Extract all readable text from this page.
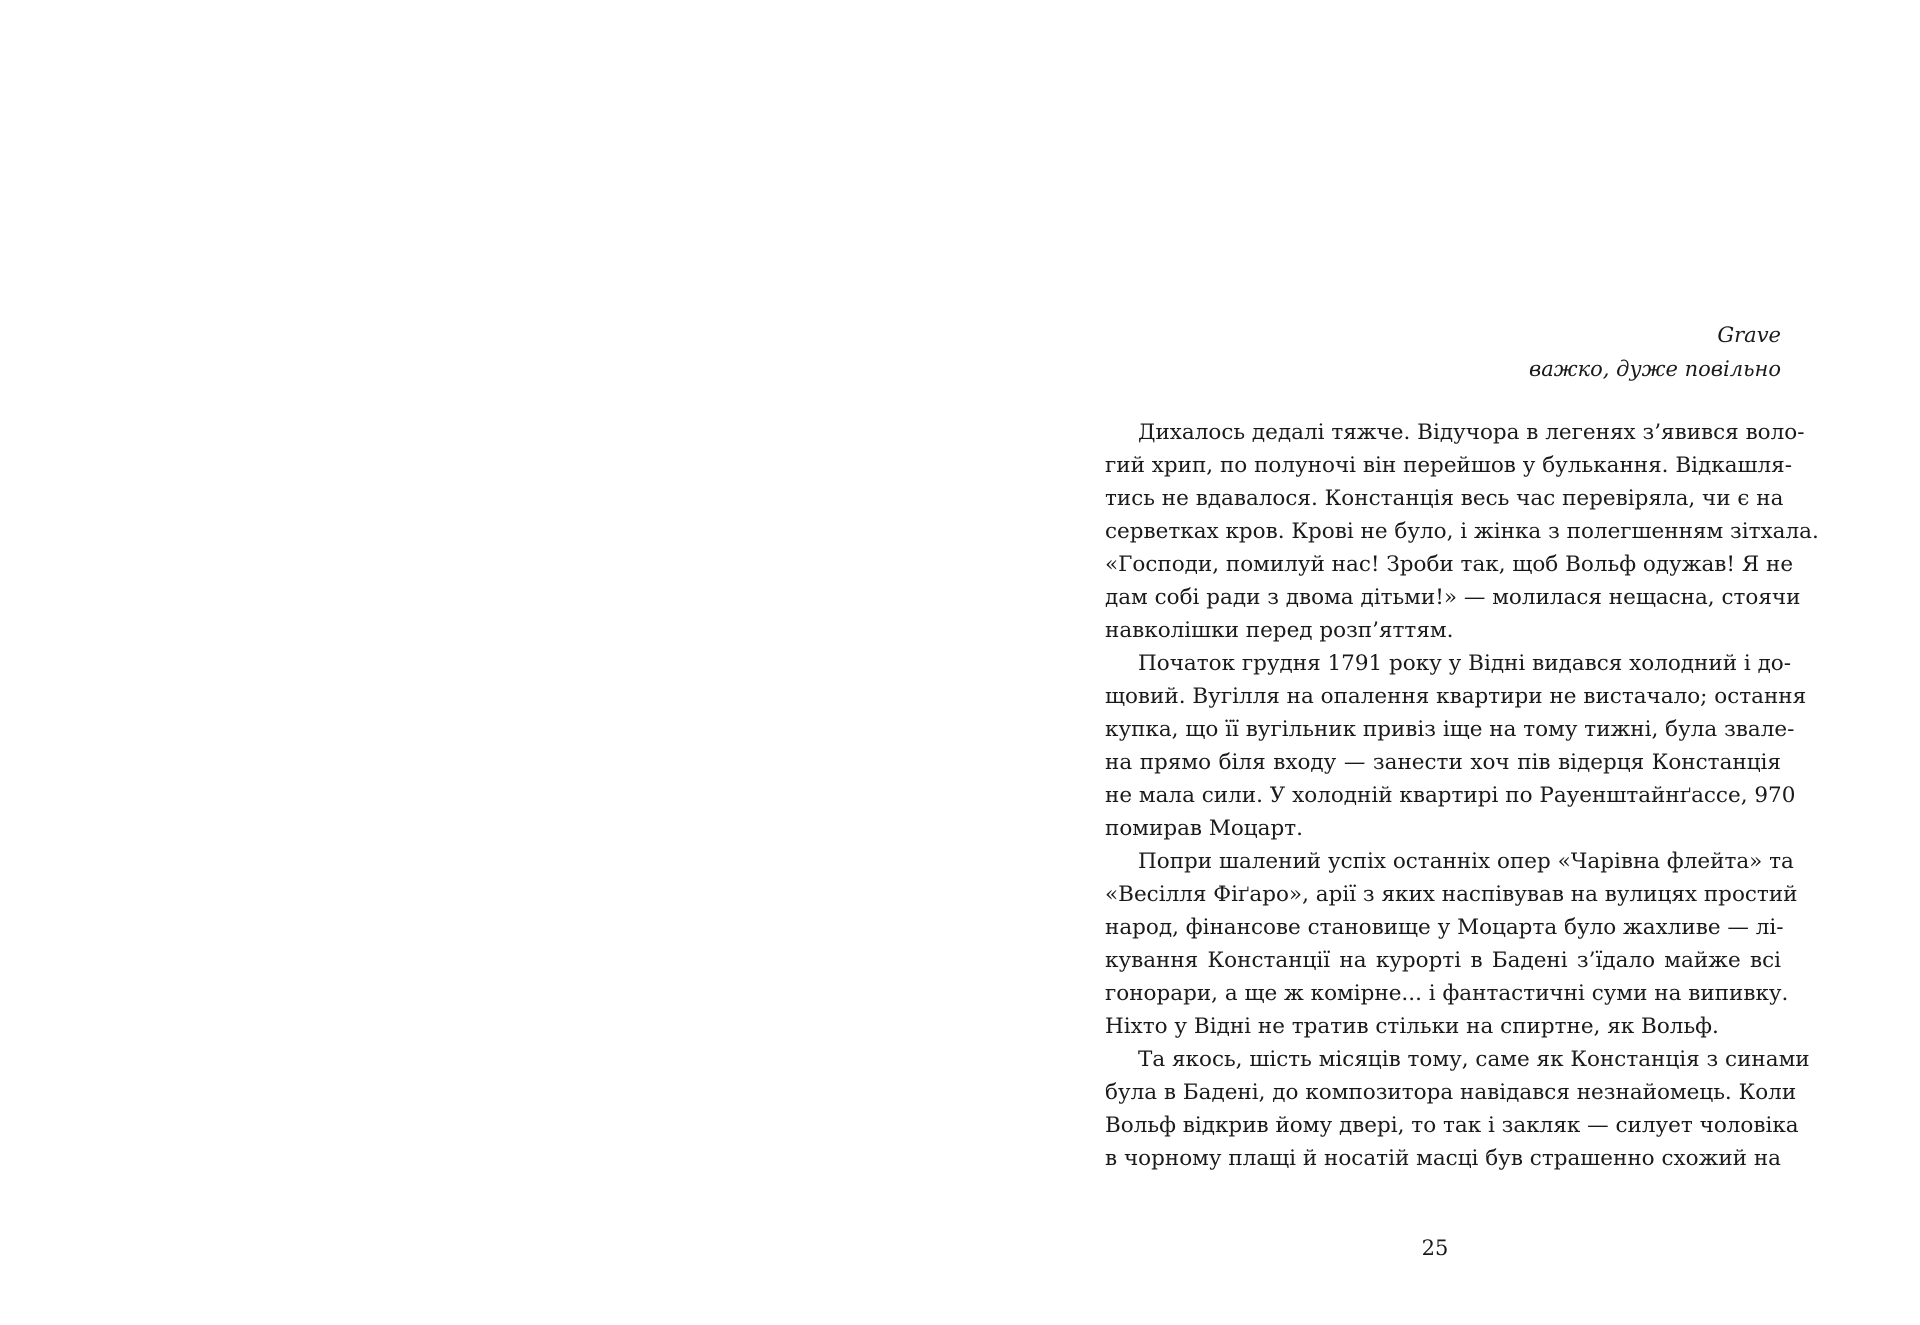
Grave
важко, дуже повільно
Дихалось дедалі тяжче. Відучора в легенях з’явився воло-
гий хрип, по полуночі він перейшов у булькання. Відкашля-
тись не вдавалося. Констанція весь час перевіряла, чи є на
серветках кров. Крові не було, і жінка з полегшенням зітхала.
«Господи, помилуй нас! Зроби так, щоб Вольф одужав! Я не
дам собі ради з двома дітьми!» — молилася нещасна, стоячи
навколішки перед розп’яттям.
Початок грудня 1791 року у Відні видався холодний і до-
щовий. Вугілля на опалення квартири не вистачало; остання
купка, що її вугільник привіз іще на тому тижні, була звале-
на прямо біля входу — занести хоч пів відерця Констанція
не мала сили. У холодній квартирі по Рауенштайнґассе, 970
помирав Моцарт.
Попри шалений успіх останніх опер «Чарівна флейта» та
«Весілля Фіґаро», арії з яких наспівував на вулицях простий
народ, фінансове становище у Моцарта було жахливе — лі-
кування Констанції на курорті в Бадені з’їдало майже всі
гонорари, а ще ж комірне... і фантастичні суми на випивку.
Ніхто у Відні не тратив стільки на спиртне, як Вольф.
Та якось, шість місяців тому, саме як Констанція з синами
була в Бадені, до композитора навідався незнайомець. Коли
Вольф відкрив йому двері, то так і закляк — силует чоловіка
в чорному плащі й носатій масці був страшенно схожий на
25
